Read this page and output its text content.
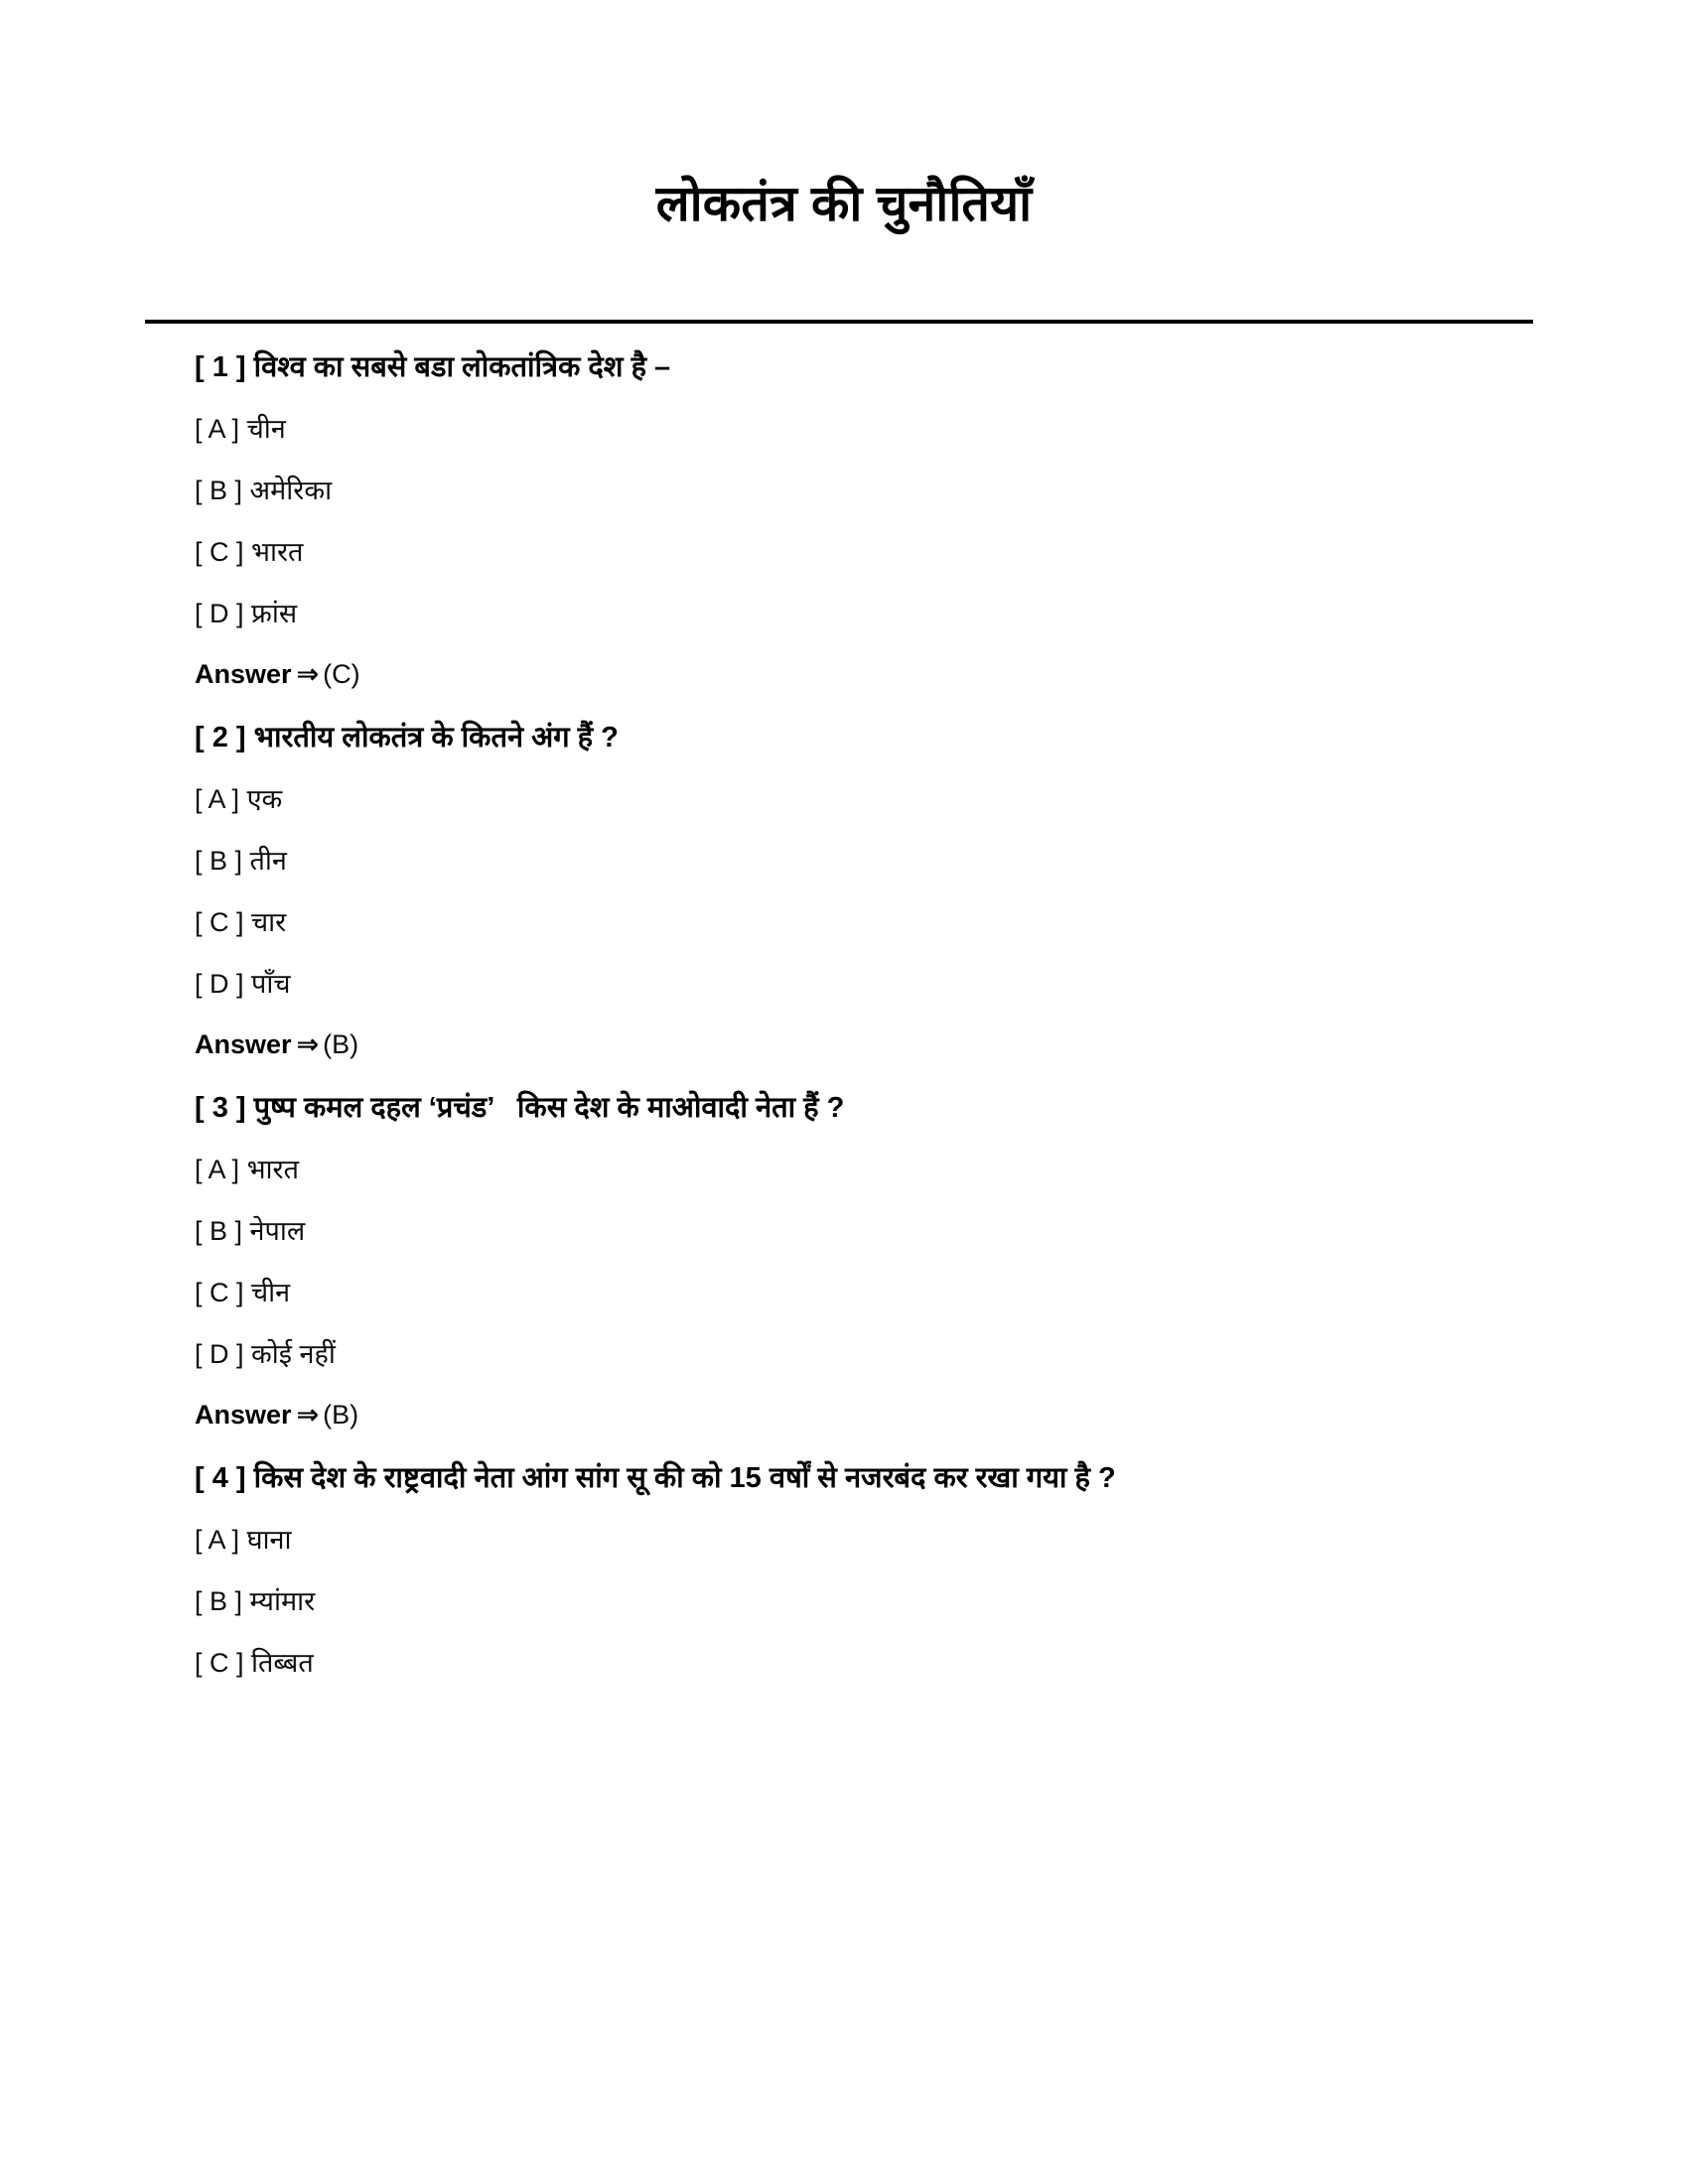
लोकतंत्र की चुनौतियाँ
[ 1 ] विश्व का सबसे बडा लोकतांत्रिक देश है –
[ A ] चीन
[ B ] अमेरिका
[ C ] भारत
[ D ] फ्रांस
Answer ⇒ (C)
[ 2 ] भारतीय लोकतंत्र के कितने अंग हैं ?
[ A ] एक
[ B ] तीन
[ C ] चार
[ D ] पाँच
Answer ⇒ (B)
[ 3 ] पुष्प कमल दहल ‘प्रचंड’   किस देश के माओवादी नेता हैं ?
[ A ] भारत
[ B ] नेपाल
[ C ] चीन
[ D ] कोई नहीं
Answer ⇒ (B)
[ 4 ] किस देश के राष्ट्रवादी नेता आंग सांग सू की को 15 वर्षों से नजरबंद कर रखा गया है ?
[ A ] घाना
[ B ] म्यांमार
[ C ] तिब्बत
